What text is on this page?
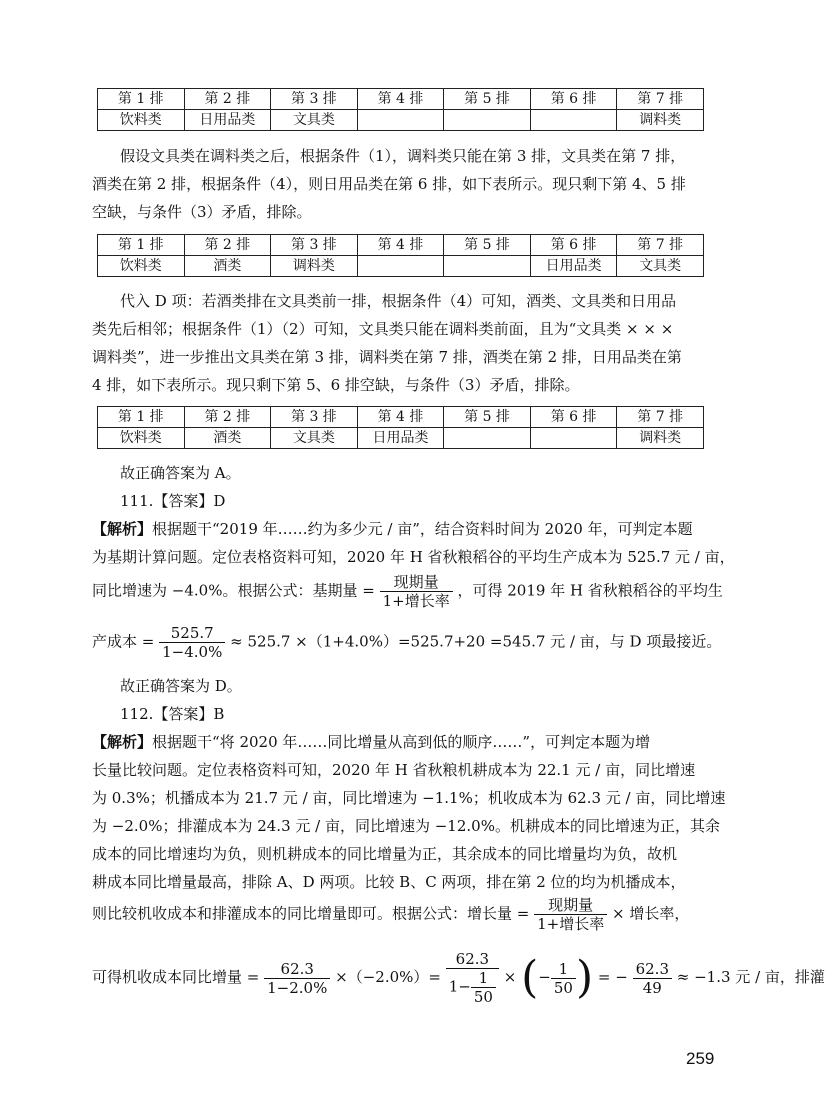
第 1 排	第 2 排	第 3 排	第 4 排	第 5 排	第 6 排	第 7 排
饮料类	日用品类	文具类				调料类
假设文具类在调料类之后，根据条件（1），调料类只能在第 3 排，文具类在第 7 排，
酒类在第 2 排，根据条件（4），则日用品类在第 6 排，如下表所示。现只剩下第 4、5 排
空缺，与条件（3）矛盾，排除。
第 1 排	第 2 排	第 3 排	第 4 排	第 5 排	第 6 排	第 7 排
饮料类	酒类	调料类			日用品类	文具类
代入 D 项：若酒类排在文具类前一排，根据条件（4）可知，酒类、文具类和日用品
类先后相邻；根据条件（1）（2）可知，文具类只能在调料类前面，且为“文具类 × × ×
调料类”，进一步推出文具类在第 3 排，调料类在第 7 排，酒类在第 2 排，日用品类在第
4 排，如下表所示。现只剩下第 5、6 排空缺，与条件（3）矛盾，排除。
第 1 排	第 2 排	第 3 排	第 4 排	第 5 排	第 6 排	第 7 排
饮料类	酒类	文具类	日用品类			调料类
故正确答案为 A。
111.【答案】D
【解析】根据题干“2019 年……约为多少元 / 亩”，结合资料时间为 2020 年，可判定本题
为基期计算问题。定位表格资料可知，2020 年 H 省秋粮稻谷的平均生产成本为 525.7 元 / 亩，
同比增速为 −4.0%。根据公式：基期量 = $\frac{\text{现期量}}{\text{1+增长率}}$ ，可得 2019 年 H 省秋粮稻谷的平均生
产成本 = $\frac{525.7}{1-4.0\%} \approx 525.7 \times(1+4.0\%)=525.7+20 =545.7$ 元 / 亩，与 D 项最接近。
故正确答案为 D。
112.【答案】B
【解析】根据题干“将 2020 年……同比增量从高到低的顺序……”，可判定本题为增
长量比较问题。定位表格资料可知，2020 年 H 省秋粮机耕成本为 22.1 元 / 亩，同比增速
为 0.3%；机播成本为 21.7 元 / 亩，同比增速为 −1.1%；机收成本为 62.3 元 / 亩，同比增速
为 −2.0%；排灌成本为 24.3 元 / 亩，同比增速为 −12.0%。机耕成本的同比增速为正，其余
成本的同比增速均为负，则机耕成本的同比增量为正，其余成本的同比增量均为负，故机
耕成本同比增量最高，排除 A、D 两项。比较 B、C 两项，排在第 2 位的均为机播成本，
则比较机收成本和排灌成本的同比增量即可。根据公式：增长量 = $\frac{\text{现期量}}{\text{1+增长率}}$ × 增长率，
可得机收成本同比增量 = $\frac{62.3}{1-2.0\%} \times(-2.0\%)= \frac{62.3}{1- \frac{1}{50}}$ × (− $\frac{1}{50}$ ) = − $\frac{62.3}{49} \approx -1.3$ 元 / 亩，排灌
259
